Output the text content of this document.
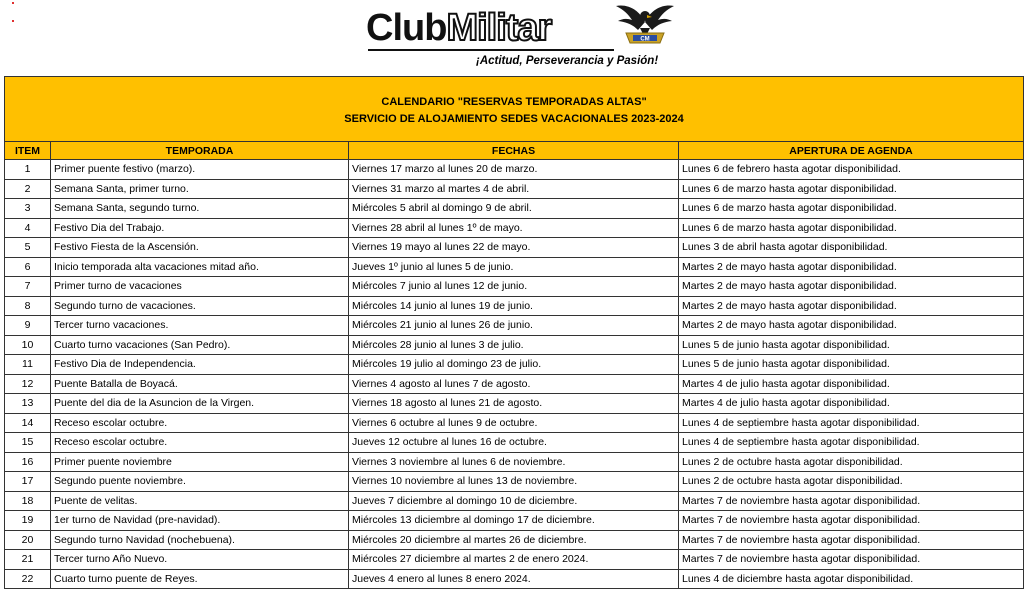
ClubMilitar	CM
¡Actitud, Perseverancia y Pasión!
CALENDARIO "RESERVAS TEMPORADAS ALTAS"
SERVICIO DE ALOJAMIENTO SEDES VACACIONALES 2023-2024			

ITEM	TEMPORADA	FECHAS	APERTURA DE AGENDA
1	Primer puente festivo (marzo).	Viernes 17 marzo al lunes 20 de marzo.	Lunes 6 de febrero hasta agotar disponibilidad.
2	Semana Santa, primer turno.	Viernes 31 marzo al martes 4 de abril.	Lunes 6 de marzo hasta agotar disponibilidad.
3	Semana Santa, segundo turno.	Miércoles 5 abril al domingo 9 de abril.	Lunes 6 de marzo hasta agotar disponibilidad.
4	Festivo Dia del Trabajo.	Viernes 28 abril al lunes 1º de mayo.	Lunes 6 de marzo hasta agotar disponibilidad.
5	Festivo Fiesta de la Ascensión.	Viernes 19 mayo al lunes 22 de mayo.	Lunes 3 de abril hasta agotar disponibilidad.
6	Inicio temporada alta vacaciones mitad año.	Jueves 1º junio al lunes 5 de junio.	Martes 2 de mayo hasta agotar disponibilidad.
7	Primer turno de vacaciones	Miércoles 7 junio al lunes 12 de junio.	Martes 2 de mayo hasta agotar disponibilidad.
8	Segundo turno de vacaciones.	Miércoles 14 junio al lunes 19 de junio.	Martes 2 de mayo hasta agotar disponibilidad.
9	Tercer turno vacaciones.	Miércoles 21 junio al lunes 26 de junio.	Martes 2 de mayo hasta agotar disponibilidad.
10	Cuarto turno vacaciones (San Pedro).	Miércoles 28 junio al lunes 3 de julio.	Lunes 5 de junio hasta agotar disponibilidad.
11	Festivo Dia de Independencia.	Miércoles 19 julio al domingo 23 de julio.	Lunes 5 de junio hasta agotar disponibilidad.
12	Puente Batalla de Boyacá.	Viernes 4 agosto al lunes 7 de agosto.	Martes 4 de julio hasta agotar disponibilidad.
13	Puente del dia de la Asuncion de la Virgen.	Viernes 18 agosto al lunes 21 de agosto.	Martes 4 de julio hasta agotar disponibilidad.
14	Receso escolar octubre.	Viernes 6 octubre al lunes 9 de octubre.	Lunes 4 de septiembre hasta agotar disponibilidad.
15	Receso escolar octubre.	Jueves 12 octubre al lunes 16 de octubre.	Lunes 4 de septiembre hasta agotar disponibilidad.
16	Primer puente noviembre	Viernes 3 noviembre al lunes 6 de noviembre.	Lunes 2 de octubre hasta agotar disponibilidad.
17	Segundo puente noviembre.	Viernes 10 noviembre al lunes 13 de noviembre.	Lunes 2 de octubre hasta agotar disponibilidad.
18	Puente de velitas.	Jueves 7 diciembre al domingo 10 de diciembre.	Martes 7 de noviembre hasta agotar disponibilidad.
19	1er turno de Navidad (pre-navidad).	Miércoles 13 diciembre al domingo 17 de diciembre.	Martes 7 de noviembre hasta agotar disponibilidad.
20	Segundo turno Navidad (nochebuena).	Miércoles 20 diciembre al martes 26 de diciembre.	Martes 7 de noviembre hasta agotar disponibilidad.
21	Tercer turno Año Nuevo.	Miércoles 27 diciembre al martes 2 de enero 2024.	Martes 7 de noviembre hasta agotar disponibilidad.
22	Cuarto turno puente de Reyes.	Jueves 4 enero al lunes 8 enero 2024.	Lunes 4 de diciembre hasta agotar disponibilidad.
